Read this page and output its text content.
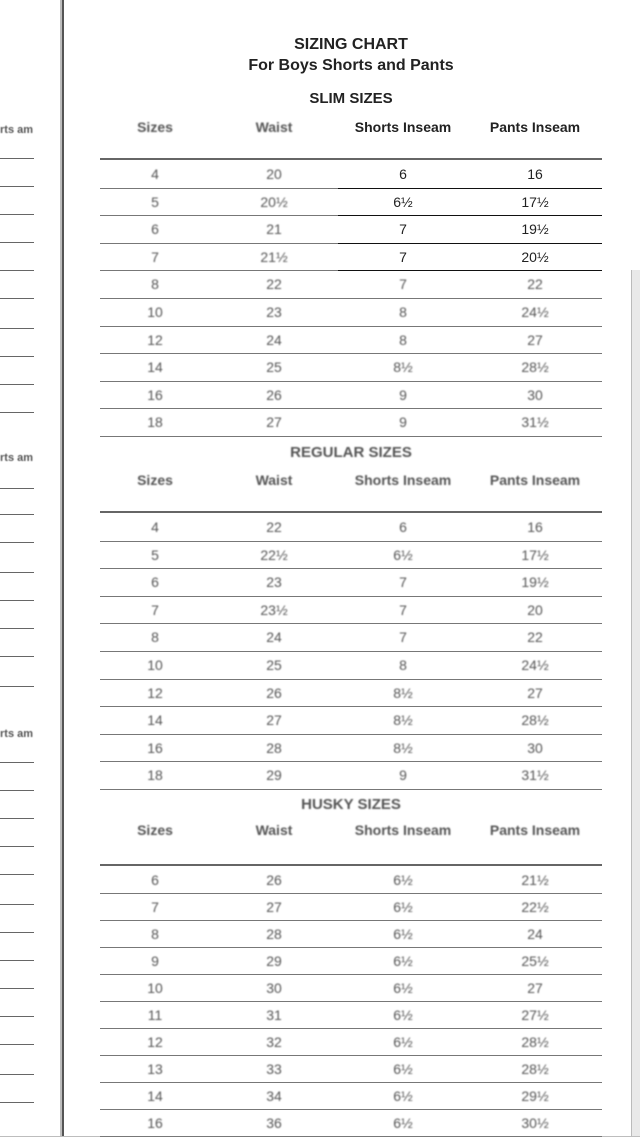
rts am
rts am
rts am
SIZING CHART
For Boys Shorts and Pants
SLIM SIZES
Sizes	Waist	Shorts Inseam	Pants Inseam
4	20	6	16
5	20½	6½	17½
6	21	7	19½
7	21½	7	20½
8	22	7	22
10	23	8	24½
12	24	8	27
14	25	8½	28½
16	26	9	30
18	27	9	31½
REGULAR SIZES
Sizes	Waist	Shorts Inseam	Pants Inseam
4	22	6	16
5	22½	6½	17½
6	23	7	19½
7	23½	7	20
8	24	7	22
10	25	8	24½
12	26	8½	27
14	27	8½	28½
16	28	8½	30
18	29	9	31½
HUSKY SIZES
Sizes	Waist	Shorts Inseam	Pants Inseam
6	26	6½	21½
7	27	6½	22½
8	28	6½	24
9	29	6½	25½
10	30	6½	27
11	31	6½	27½
12	32	6½	28½
13	33	6½	28½
14	34	6½	29½
16	36	6½	30½
